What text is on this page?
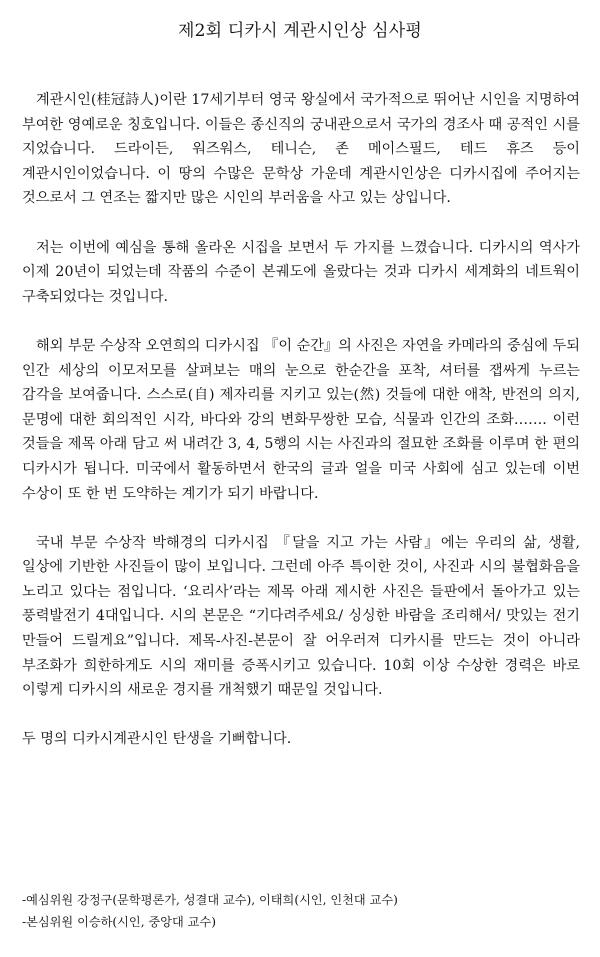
제2회 디카시 계관시인상 심사평

계관시인(桂冠詩人)이란 17세기부터 영국 왕실에서 국가적으로 뛰어난 시인을 지명하여 부여한 영예로운 칭호입니다. 이들은 종신직의 궁내관으로서 국가의 경조사 때 공적인 시를 지었습니다. 드라이든, 워즈워스, 테니슨, 존 메이스필드, 테드 휴즈 등이 계관시인이었습니다. 이 땅의 수많은 문학상 가운데 계관시인상은 디카시집에 주어지는 것으로서 그 연조는 짧지만 많은 시인의 부러움을 사고 있는 상입니다.

저는 이번에 예심을 통해 올라온 시집을 보면서 두 가지를 느꼈습니다. 디카시의 역사가 이제 20년이 되었는데 작품의 수준이 본궤도에 올랐다는 것과 디카시 세계화의 네트웍이 구축되었다는 것입니다.

해외 부문 수상작 오연희의 디카시집 『이 순간』의 사진은 자연을 카메라의 중심에 두되 인간 세상의 이모저모를 살펴보는 매의 눈으로 한순간을 포착, 셔터를 잽싸게 누르는 감각을 보여줍니다. 스스로(自) 제자리를 지키고 있는(然) 것들에 대한 애착, 반전의 의지, 문명에 대한 회의적인 시각, 바다와 강의 변화무쌍한 모습, 식물과 인간의 조화……. 이런 것들을 제목 아래 담고 써 내려간 3, 4, 5행의 시는 사진과의 절묘한 조화를 이루며 한 편의 디카시가 됩니다. 미국에서 활동하면서 한국의 글과 얼을 미국 사회에 심고 있는데 이번 수상이 또 한 번 도약하는 계기가 되기 바랍니다.

국내 부문 수상작 박해경의 디카시집 『달을 지고 가는 사람』에는 우리의 삶, 생활, 일상에 기반한 사진들이 많이 보입니다. 그런데 아주 특이한 것이, 사진과 시의 불협화음을 노리고 있다는 점입니다. ‘요리사’라는 제목 아래 제시한 사진은 들판에서 돌아가고 있는 풍력발전기 4대입니다. 시의 본문은 “기다려주세요/ 싱싱한 바람을 조리해서/ 맛있는 전기 만들어 드릴게요”입니다. 제목-사진-본문이 잘 어우러져 디카시를 만드는 것이 아니라 부조화가 희한하게도 시의 재미를 증폭시키고 있습니다. 10회 이상 수상한 경력은 바로 이렇게 디카시의 새로운 경지를 개척했기 때문일 것입니다.

두 명의 디카시계관시인 탄생을 기뻐합니다.

-예심위원 강정구(문학평론가, 성결대 교수), 이태희(시인, 인천대 교수)
-본심위원 이승하(시인, 중앙대 교수)
